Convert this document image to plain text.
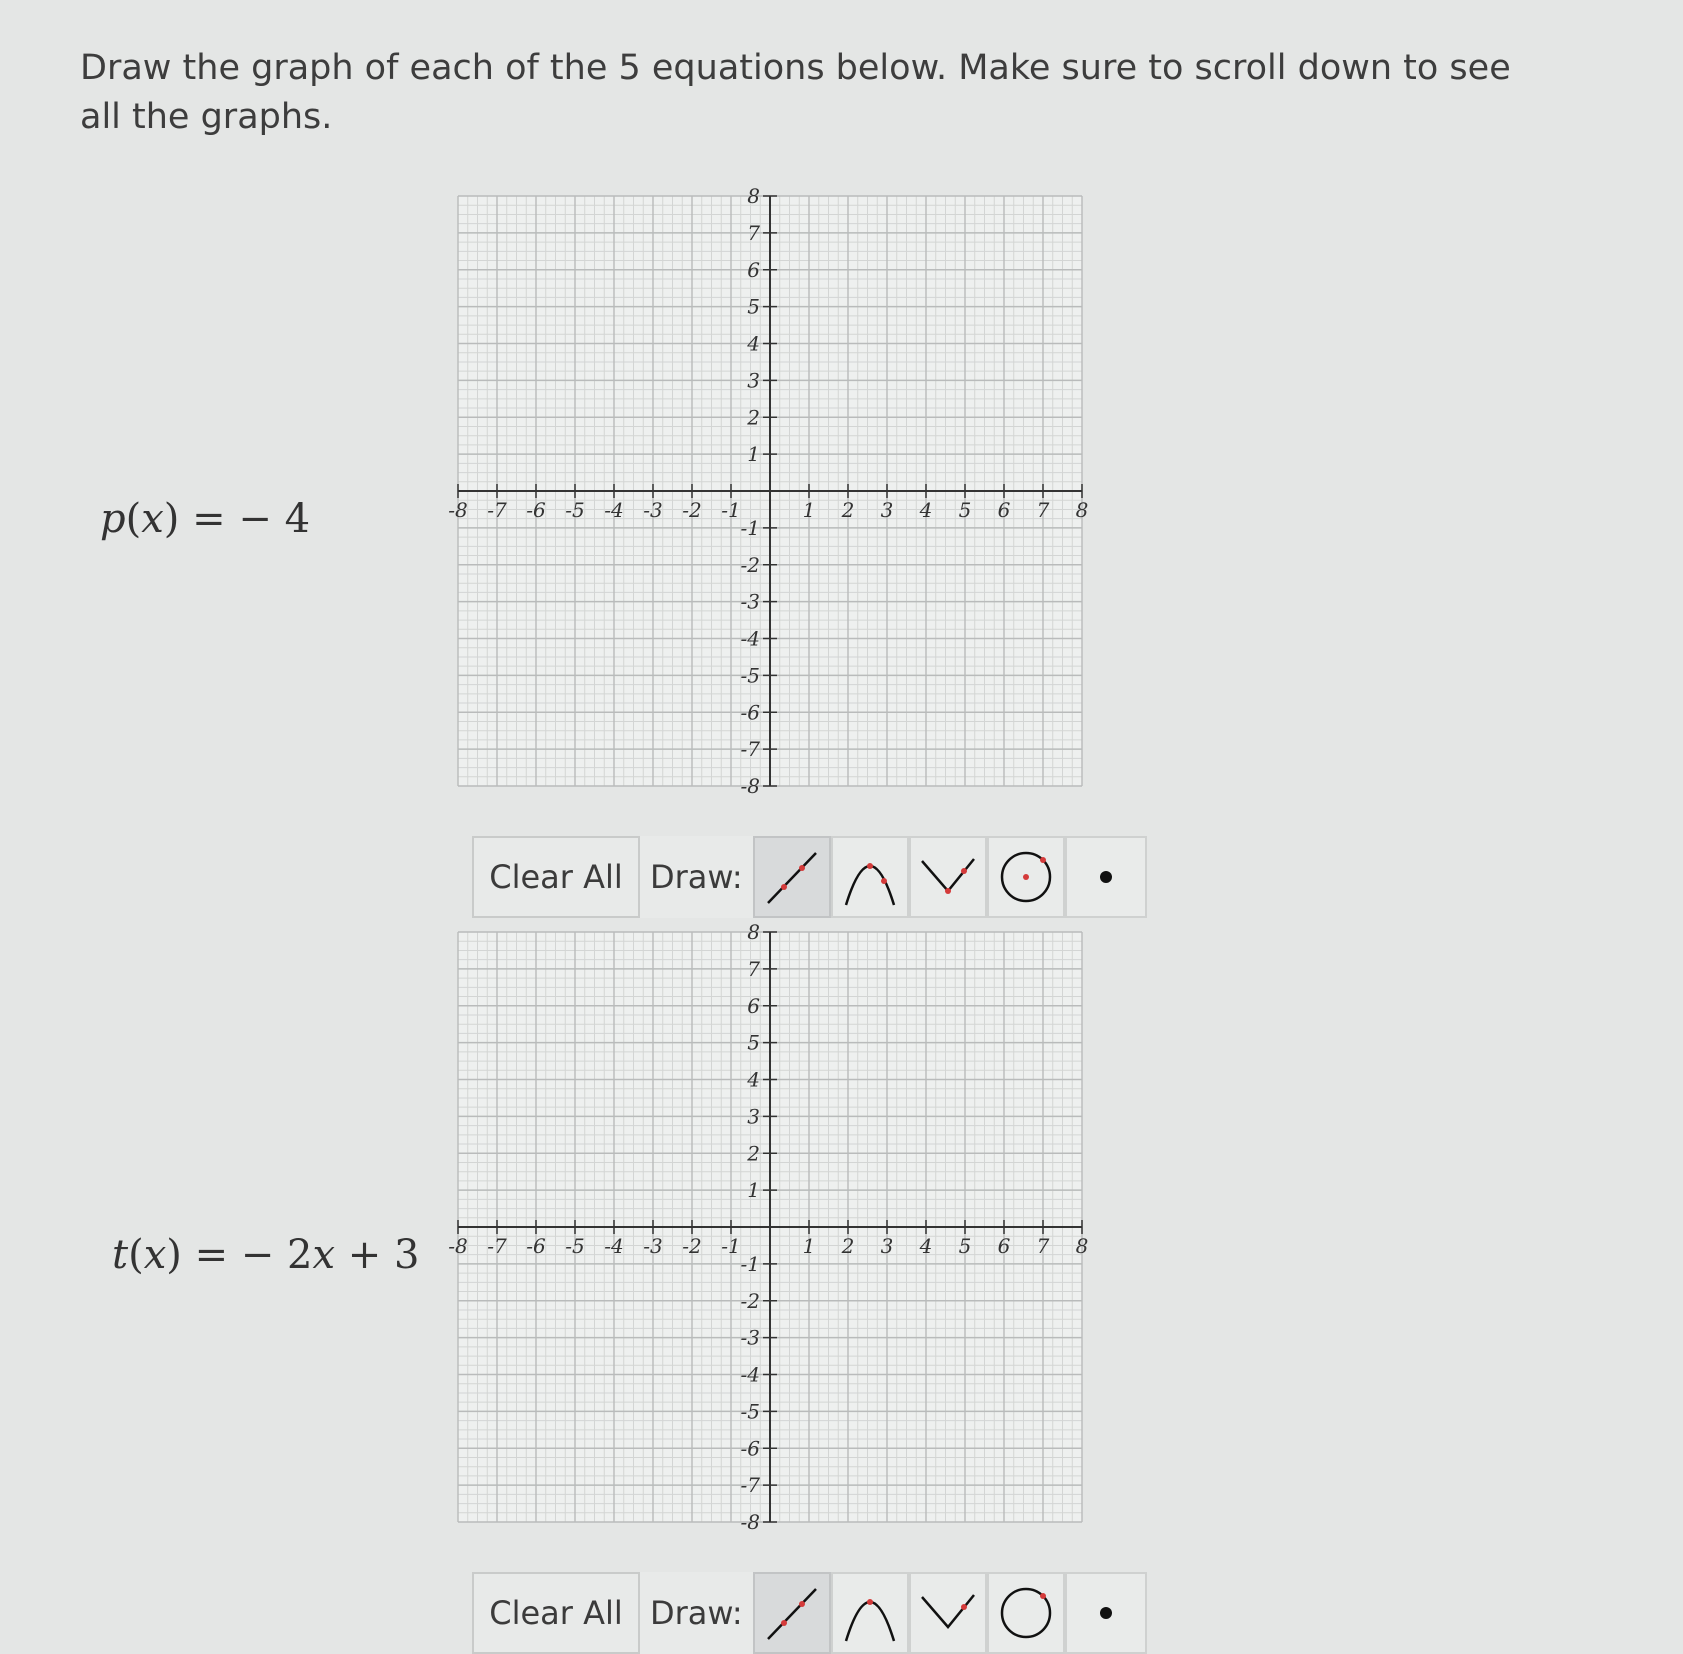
Draw the graph of each of the 5 equations below. Make sure to scroll down to see all the graphs.
p(x) = − 4	-8 -7 -6 -5 -4 -3 -2 -1	1 2 3 4 5 6 7 8
8
7
6
5
4
3
2
1
-1
-2
-3
-4
-5
-6
-7
-8
Clear All Draw:
t(x) = − 2x + 3 -8 -7 -6 -5 -4 -3 -2 -1	1 2 3 4 5 6 7 8
8
7
6
5
4
3
2
1
-1
-2
-3
-4
-5
-6
-7
-8
Clear All Draw:
